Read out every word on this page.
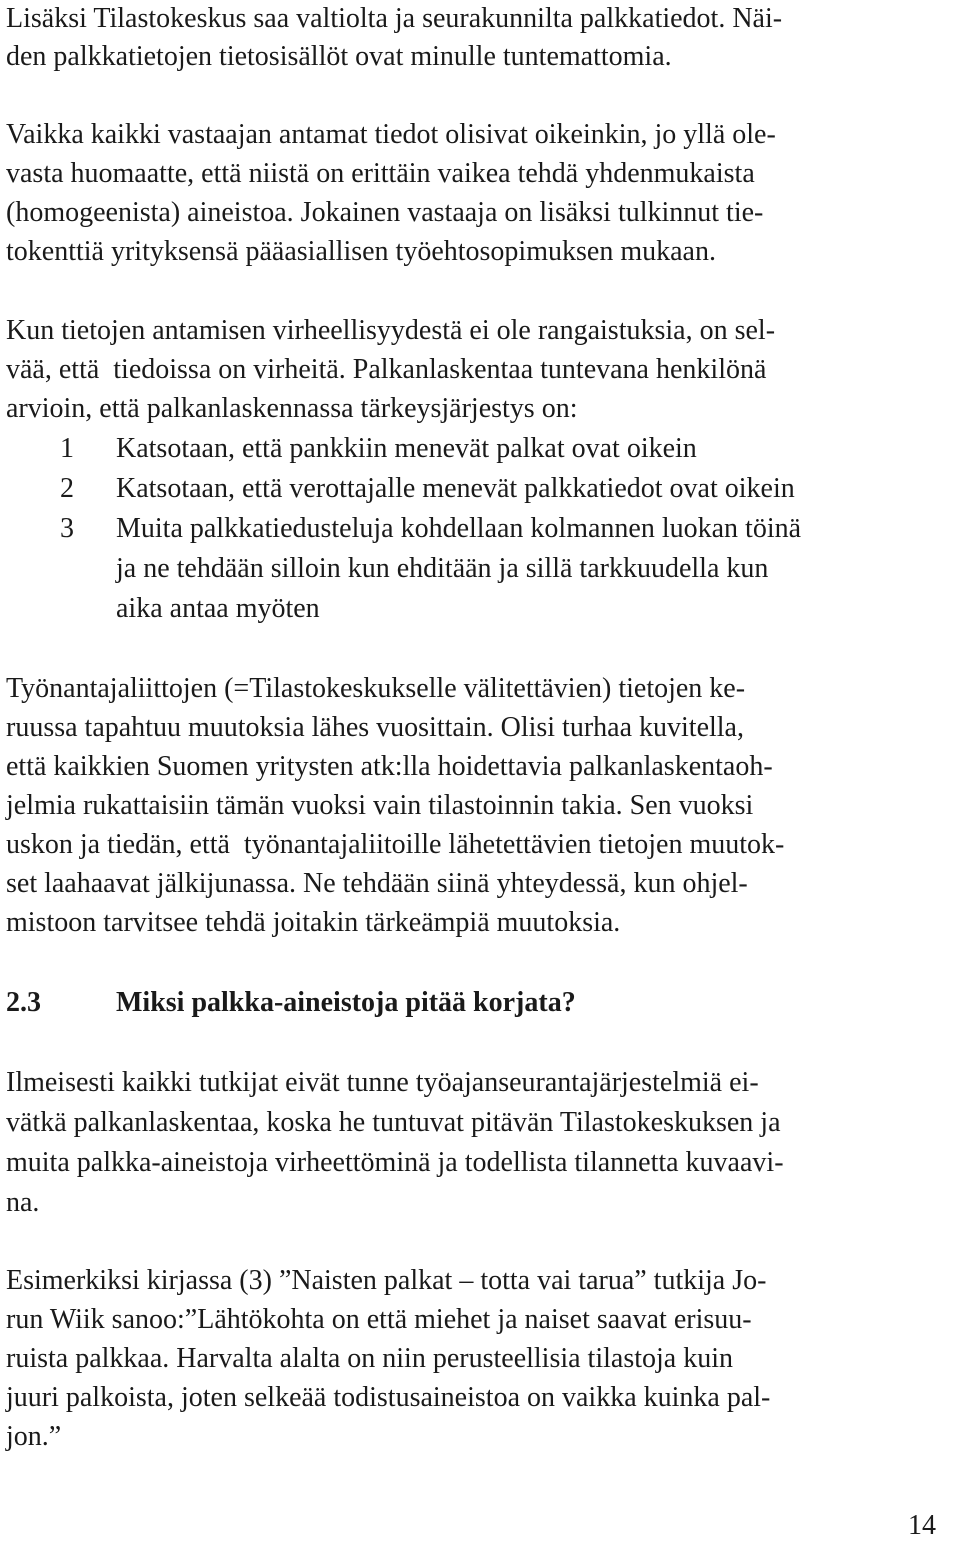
Lisäksi Tilastokeskus saa valtiolta ja seurakunnilta palkkatiedot. Näi-
den palkkatietojen tietosisällöt ovat minulle tuntemattomia.
Vaikka kaikki vastaajan antamat tiedot olisivat oikeinkin, jo yllä ole-
vasta huomaatte, että niistä on erittäin vaikea tehdä yhdenmukaista
(homogeenista) aineistoa. Jokainen vastaaja on lisäksi tulkinnut tie-
tokenttiä yrityksensä pääasiallisen työehtosopimuksen mukaan.
Kun tietojen antamisen virheellisyydestä ei ole rangaistuksia, on sel-
vää, että  tiedoissa on virheitä. Palkanlaskentaa tuntevana henkilönä
arvioin, että palkanlaskennassa tärkeysjärjestys on:
1 Katsotaan, että pankkiin menevät palkat ovat oikein
2 Katsotaan, että verottajalle menevät palkkatiedot ovat oikein
3 Muita palkkatiedusteluja kohdellaan kolmannen luokan töinä
ja ne tehdään silloin kun ehditään ja sillä tarkkuudella kun
aika antaa myöten
Työnantajaliittojen (=Tilastokeskukselle välitettävien) tietojen ke-
ruussa tapahtuu muutoksia lähes vuosittain. Olisi turhaa kuvitella,
että kaikkien Suomen yritysten atk:lla hoidettavia palkanlaskentaoh-
jelmia rukattaisiin tämän vuoksi vain tilastoinnin takia. Sen vuoksi
uskon ja tiedän, että  työnantajaliitoille lähetettävien tietojen muutok-
set laahaavat jälkijunassa. Ne tehdään siinä yhteydessä, kun ohjel-
mistoon tarvitsee tehdä joitakin tärkeämpiä muutoksia.
2.3	Miksi palkka-aineistoja pitää korjata?
Ilmeisesti kaikki tutkijat eivät tunne työajanseurantajärjestelmiä ei-
vätkä palkanlaskentaa, koska he tuntuvat pitävän Tilastokeskuksen ja
muita palkka-aineistoja virheettöminä ja todellista tilannetta kuvaavi-
na.
Esimerkiksi kirjassa (3) ”Naisten palkat – totta vai tarua” tutkija Jo-
run Wiik sanoo:”Lähtökohta on että miehet ja naiset saavat erisuu-
ruista palkkaa. Harvalta alalta on niin perusteellisia tilastoja kuin
juuri palkoista, joten selkeää todistusaineistoa on vaikka kuinka pal-
jon.”
14
